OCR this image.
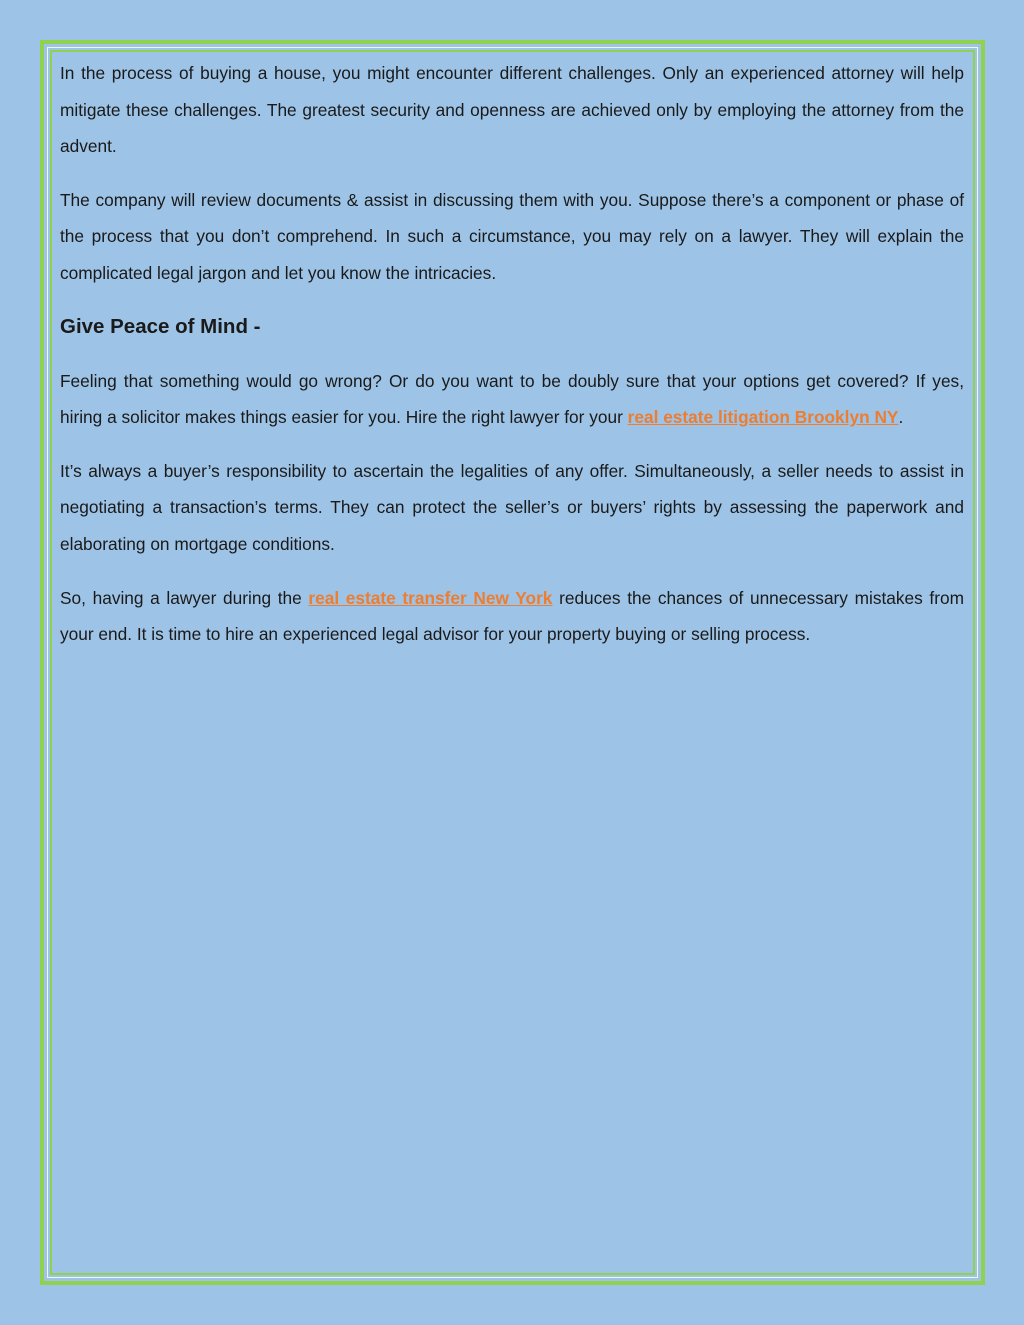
In the process of buying a house, you might encounter different challenges. Only an experienced attorney will help mitigate these challenges. The greatest security and openness are achieved only by employing the attorney from the advent.

The company will review documents & assist in discussing them with you. Suppose there’s a component or phase of the process that you don’t comprehend. In such a circumstance, you may rely on a lawyer. They will explain the complicated legal jargon and let you know the intricacies.

Give Peace of Mind -

Feeling that something would go wrong? Or do you want to be doubly sure that your options get covered? If yes, hiring a solicitor makes things easier for you. Hire the right lawyer for your real estate litigation Brooklyn NY.

It’s always a buyer’s responsibility to ascertain the legalities of any offer. Simultaneously, a seller needs to assist in negotiating a transaction’s terms. They can protect the seller’s or buyers’ rights by assessing the paperwork and elaborating on mortgage conditions.

So, having a lawyer during the real estate transfer New York reduces the chances of unnecessary mistakes from your end. It is time to hire an experienced legal advisor for your property buying or selling process.
